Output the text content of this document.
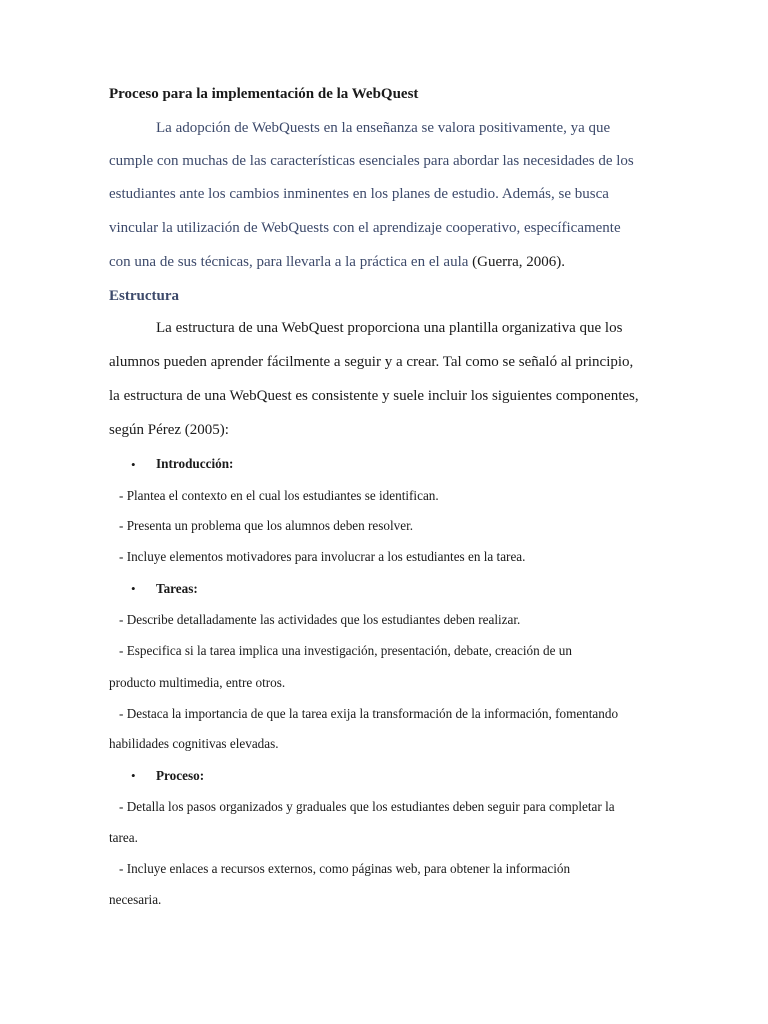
Proceso para la implementación de la WebQuest
La adopción de WebQuests en la enseñanza se valora positivamente, ya que
cumple con muchas de las características esenciales para abordar las necesidades de los
estudiantes ante los cambios inminentes en los planes de estudio. Además, se busca
vincular la utilización de WebQuests con el aprendizaje cooperativo, específicamente
con una de sus técnicas, para llevarla a la práctica en el aula (Guerra, 2006).
Estructura
La estructura de una WebQuest proporciona una plantilla organizativa que los
alumnos pueden aprender fácilmente a seguir y a crear. Tal como se señaló al principio,
la estructura de una WebQuest es consistente y suele incluir los siguientes componentes,
según Pérez (2005):
• Introducción:
- Plantea el contexto en el cual los estudiantes se identifican.
- Presenta un problema que los alumnos deben resolver.
- Incluye elementos motivadores para involucrar a los estudiantes en la tarea.
• Tareas:
- Describe detalladamente las actividades que los estudiantes deben realizar.
- Especifica si la tarea implica una investigación, presentación, debate, creación de un
producto multimedia, entre otros.
- Destaca la importancia de que la tarea exija la transformación de la información, fomentando
habilidades cognitivas elevadas.
• Proceso:
- Detalla los pasos organizados y graduales que los estudiantes deben seguir para completar la
tarea.
- Incluye enlaces a recursos externos, como páginas web, para obtener la información
necesaria.
